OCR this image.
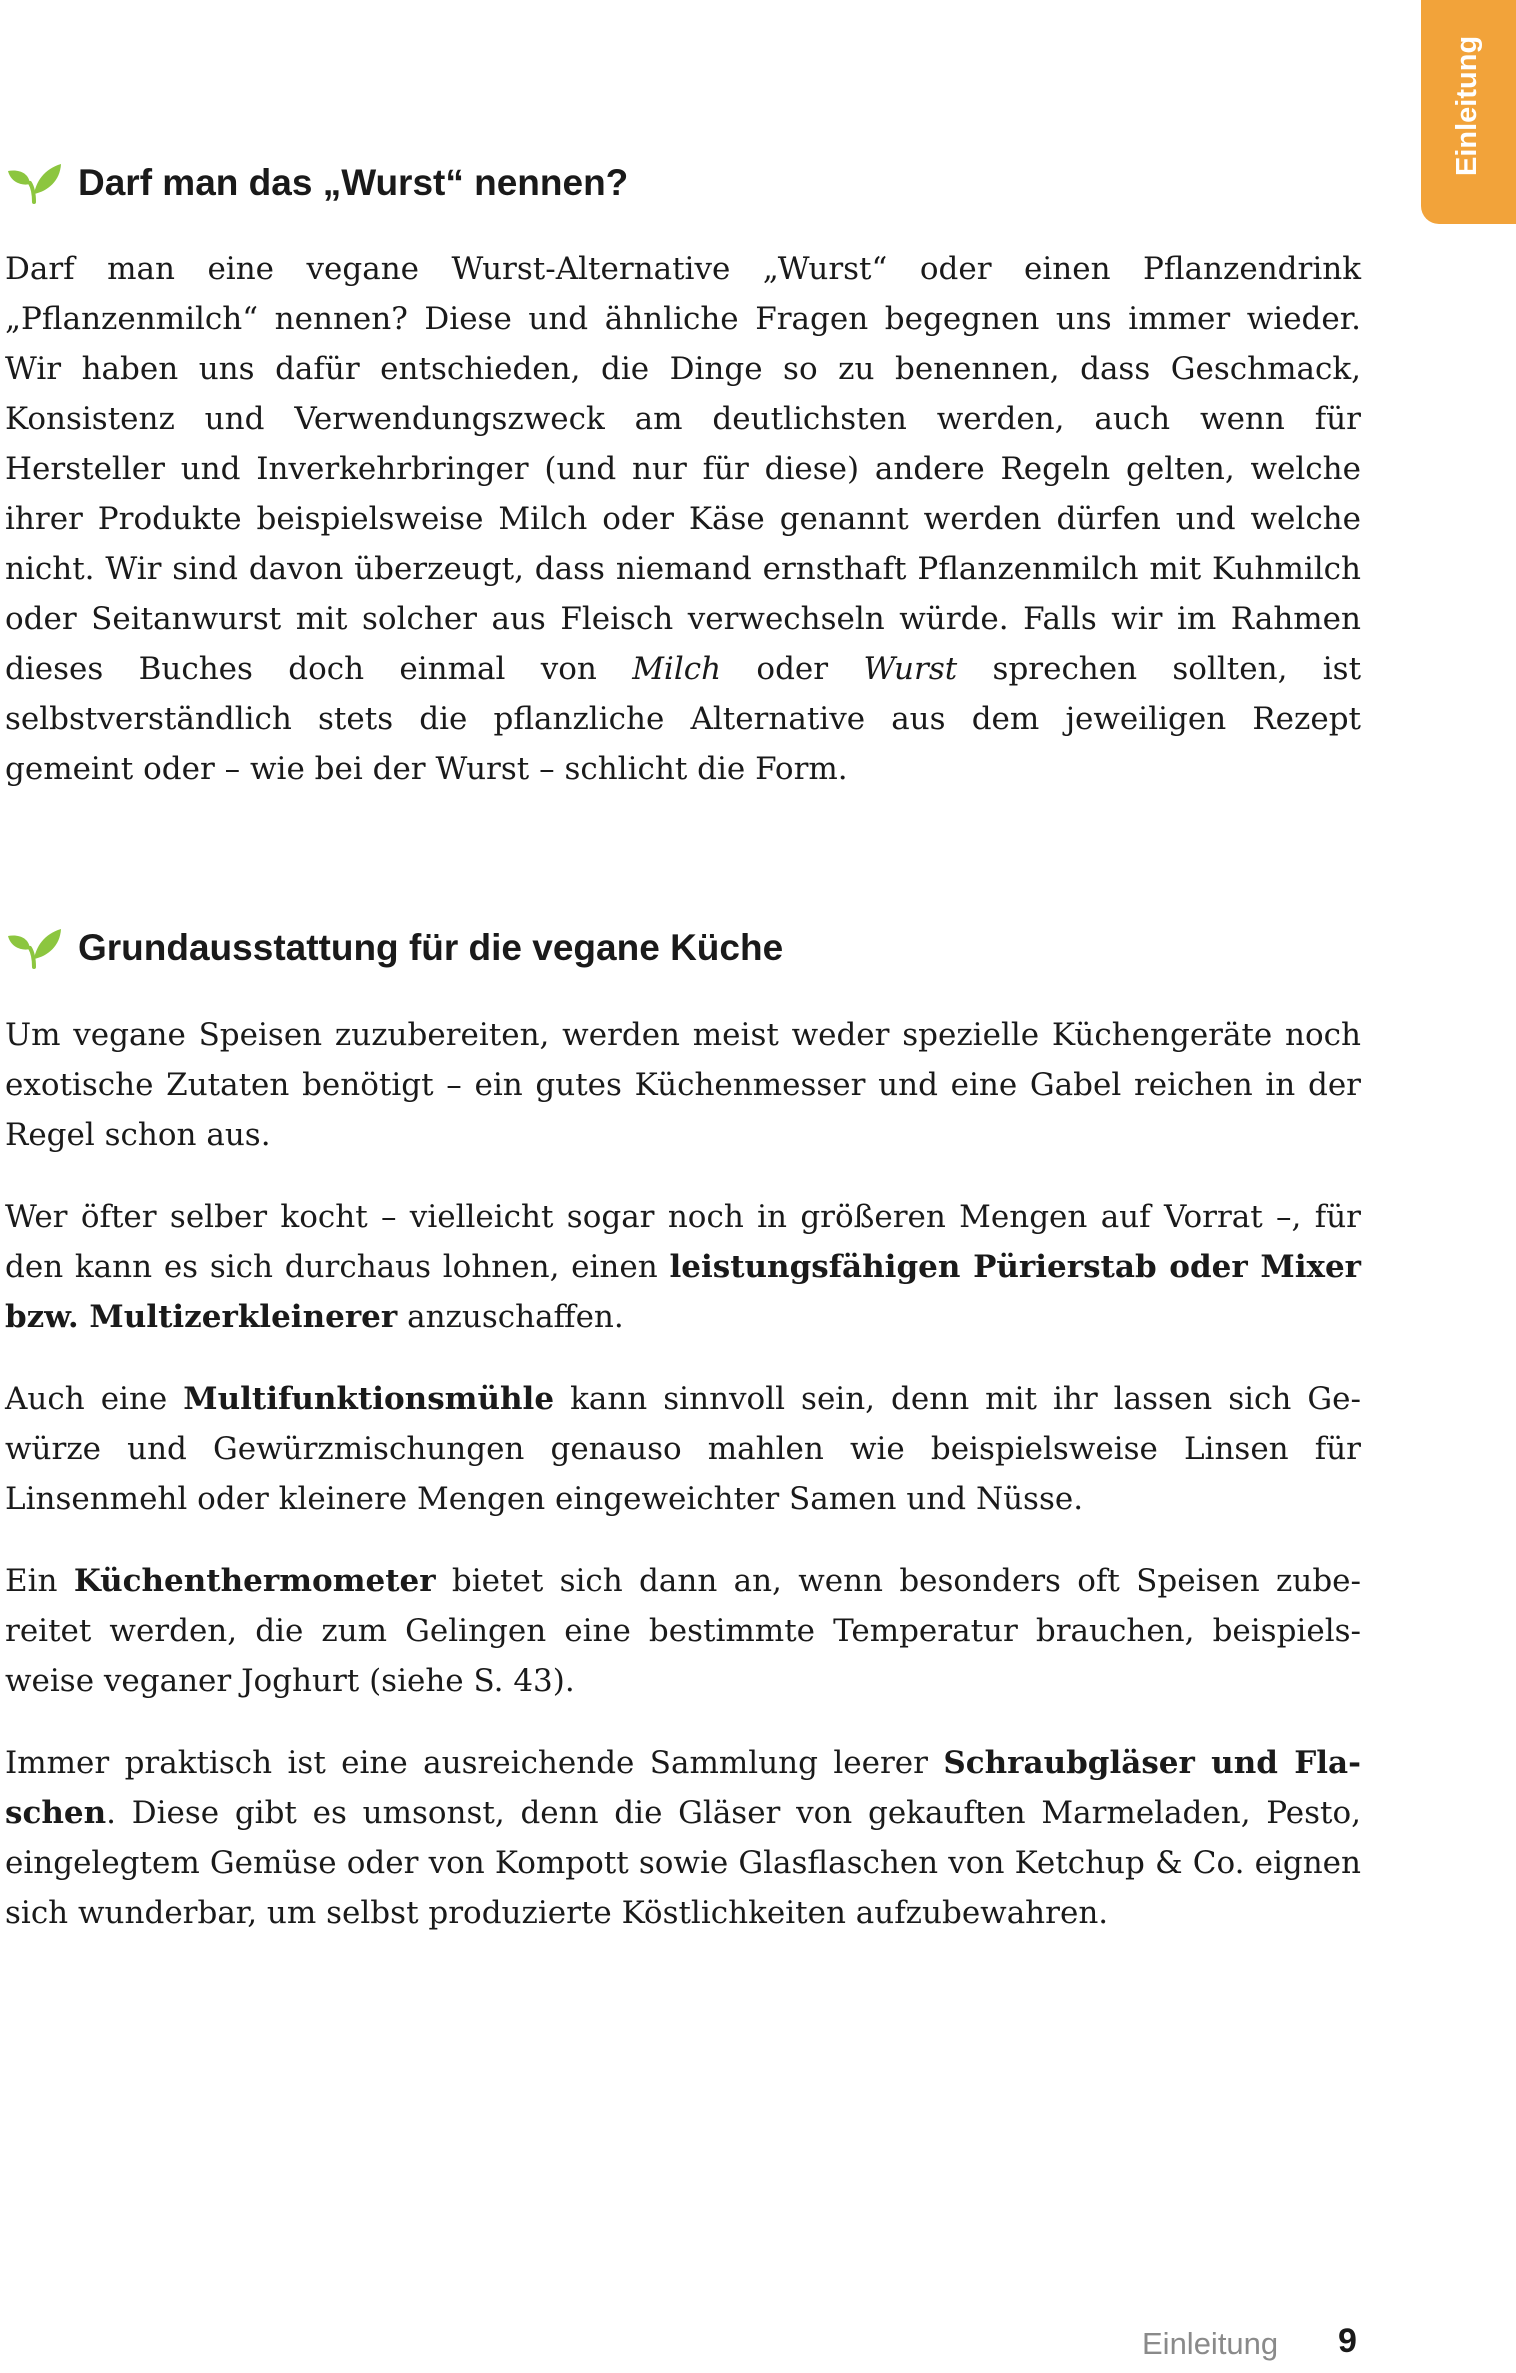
Einleitung
Darf man das „Wurst“ nennen?

Darf man eine vegane Wurst-Alternative „Wurst“ oder einen Pflanzendrink „Pflanzenmilch“ nennen? Diese und ähnliche Fragen begegnen uns immer wieder. Wir haben uns dafür entschieden, die Dinge so zu benennen, dass Geschmack, Konsistenz und Verwendungszweck am deutlichsten werden, auch wenn für Hersteller und Inverkehrbringer (und nur für diese) andere Regeln gelten, welche ihrer Produkte beispielsweise Milch oder Käse genannt werden dürfen und welche nicht. Wir sind davon überzeugt, dass niemand ernsthaft Pflanzenmilch mit Kuhmilch oder Seitanwurst mit solcher aus Fleisch verwechseln würde. Falls wir im Rahmen dieses Buches doch einmal von Milch oder Wurst sprechen sollten, ist selbstverständlich stets die pflanzliche Alternative aus dem jeweiligen Rezept gemeint oder – wie bei der Wurst – schlicht die Form.

Grundausstattung für die vegane Küche

Um vegane Speisen zuzubereiten, werden meist weder spezielle Küchengeräte noch exotische Zutaten benötigt – ein gutes Küchenmesser und eine Gabel reichen in der Regel schon aus.

Wer öfter selber kocht – vielleicht sogar noch in größeren Mengen auf Vorrat –, für den kann es sich durchaus lohnen, einen leistungsfähigen Pürierstab oder Mixer bzw. Multizerkleinerer anzuschaffen.

Auch eine Multifunktionsmühle kann sinnvoll sein, denn mit ihr lassen sich Gewürze und Gewürzmischungen genauso mahlen wie beispielsweise Linsen für Linsenmehl oder kleinere Mengen eingeweichter Samen und Nüsse.

Ein Küchenthermometer bietet sich dann an, wenn besonders oft Speisen zubereitet werden, die zum Gelingen eine bestimmte Temperatur brauchen, beispielsweise veganer Joghurt (siehe S. 43).

Immer praktisch ist eine ausreichende Sammlung leerer Schraubgläser und Flaschen. Diese gibt es umsonst, denn die Gläser von gekauften Marmeladen, Pesto, eingelegtem Gemüse oder von Kompott sowie Glasflaschen von Ketchup & Co. eignen sich wunderbar, um selbst produzierte Köstlichkeiten aufzubewahren.

Einleitung 9
